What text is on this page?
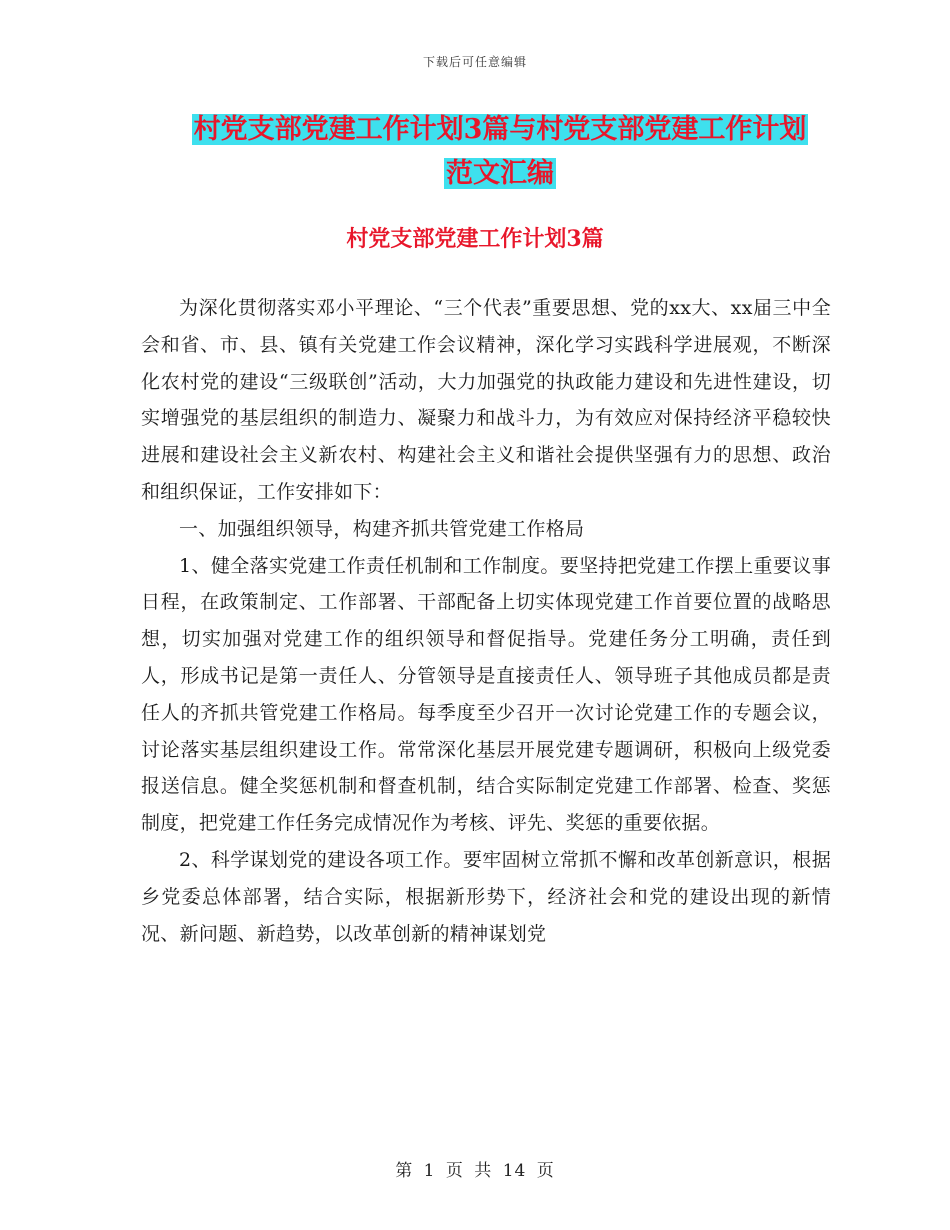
下载后可任意编辑
村党支部党建工作计划3篇与村党支部党建工作计划
范文汇编
村党支部党建工作计划3篇

为深化贯彻落实邓小平理论、“三个代表”重要思想、党的xx大、xx届三中全会和省、市、县、镇有关党建工作会议精神，深化学习实践科学进展观，不断深化农村党的建设“三级联创”活动，大力加强党的执政能力建设和先进性建设，切实增强党的基层组织的制造力、凝聚力和战斗力，为有效应对保持经济平稳较快进展和建设社会主义新农村、构建社会主义和谐社会提供坚强有力的思想、政治和组织保证，工作安排如下：

一、加强组织领导，构建齐抓共管党建工作格局

1、健全落实党建工作责任机制和工作制度。要坚持把党建工作摆上重要议事日程，在政策制定、工作部署、干部配备上切实体现党建工作首要位置的战略思想，切实加强对党建工作的组织领导和督促指导。党建任务分工明确，责任到人，形成书记是第一责任人、分管领导是直接责任人、领导班子其他成员都是责任人的齐抓共管党建工作格局。每季度至少召开一次讨论党建工作的专题会议，讨论落实基层组织建设工作。常常深化基层开展党建专题调研，积极向上级党委报送信息。健全奖惩机制和督查机制，结合实际制定党建工作部署、检查、奖惩制度，把党建工作任务完成情况作为考核、评先、奖惩的重要依据。

2、科学谋划党的建设各项工作。要牢固树立常抓不懈和改革创新意识，根据乡党委总体部署，结合实际，根据新形势下，经济社会和党的建设出现的新情况、新问题、新趋势，以改革创新的精神谋划党

第 1 页 共 14 页
